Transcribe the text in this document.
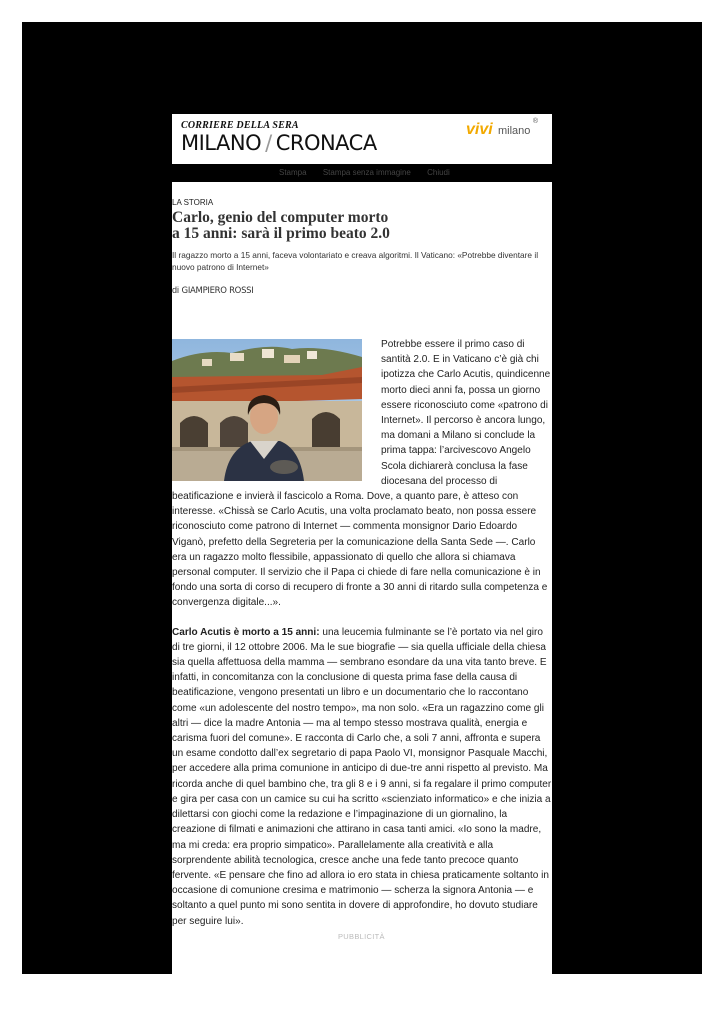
CORRIERE DELLA SERA
MILANO / CRONACA
vivi milano
®
Stampa Stampa senza immagine Chiudi
LA STORIA
Carlo, genio del computer morto
a 15 anni: sarà il primo beato 2.0
Il ragazzo morto a 15 anni, faceva volontariato e creava algoritmi. Il Vaticano: «Potrebbe diventare il nuovo patrono di Internet»
di GIAMPIERO ROSSI

Potrebbe essere il primo caso di santità 2.0. E in Vaticano c’è già chi ipotizza che Carlo Acutis, quindicenne morto dieci anni fa, possa un giorno essere riconosciuto come «patrono di Internet». Il percorso è ancora lungo, ma domani a Milano si conclude la prima tappa: l’arcivescovo Angelo Scola dichiarerà conclusa la fase diocesana del processo di beatificazione e invierà il fascicolo a Roma. Dove, a quanto pare, è atteso con interesse. «Chissà se Carlo Acutis, una volta proclamato beato, non possa essere riconosciuto come patrono di Internet — commenta monsignor Dario Edoardo Viganò, prefetto della Segreteria per la comunicazione della Santa Sede —. Carlo era un ragazzo molto flessibile, appassionato di quello che allora si chiamava personal computer. Il servizio che il Papa ci chiede di fare nella comunicazione è in fondo una sorta di corso di recupero di fronte a 30 anni di ritardo sulla competenza e convergenza digitale...».

Carlo Acutis è morto a 15 anni: una leucemia fulminante se l’è portato via nel giro di tre giorni, il 12 ottobre 2006. Ma le sue biografie — sia quella ufficiale della chiesa sia quella affettuosa della mamma — sembrano esondare da una vita tanto breve. E infatti, in concomitanza con la conclusione di questa prima fase della causa di beatificazione, vengono presentati un libro e un documentario che lo raccontano come «un adolescente del nostro tempo», ma non solo. «Era un ragazzino come gli altri — dice la madre Antonia — ma al tempo stesso mostrava qualità, energia e carisma fuori del comune». E racconta di Carlo che, a soli 7 anni, affronta e supera un esame condotto dall’ex segretario di papa Paolo VI, monsignor Pasquale Macchi, per accedere alla prima comunione in anticipo di due-tre anni rispetto al previsto. Ma ricorda anche di quel bambino che, tra gli 8 e i 9 anni, si fa regalare il primo computer e gira per casa con un camice su cui ha scritto «scienziato informatico» e che inizia a dilettarsi con giochi come la redazione e l’impaginazione di un giornalino, la creazione di filmati e animazioni che attirano in casa tanti amici. «Io sono la madre, ma mi creda: era proprio simpatico». Parallelamente alla creatività e alla sorprendente abilità tecnologica, cresce anche una fede tanto precoce quanto fervente. «E pensare che fino ad allora io ero stata in chiesa praticamente soltanto in occasione di comunione cresima e matrimonio — scherza la signora Antonia — e soltanto a quel punto mi sono sentita in dovere di approfondire, ho dovuto studiare per seguire lui».

PUBBLICITÀ
